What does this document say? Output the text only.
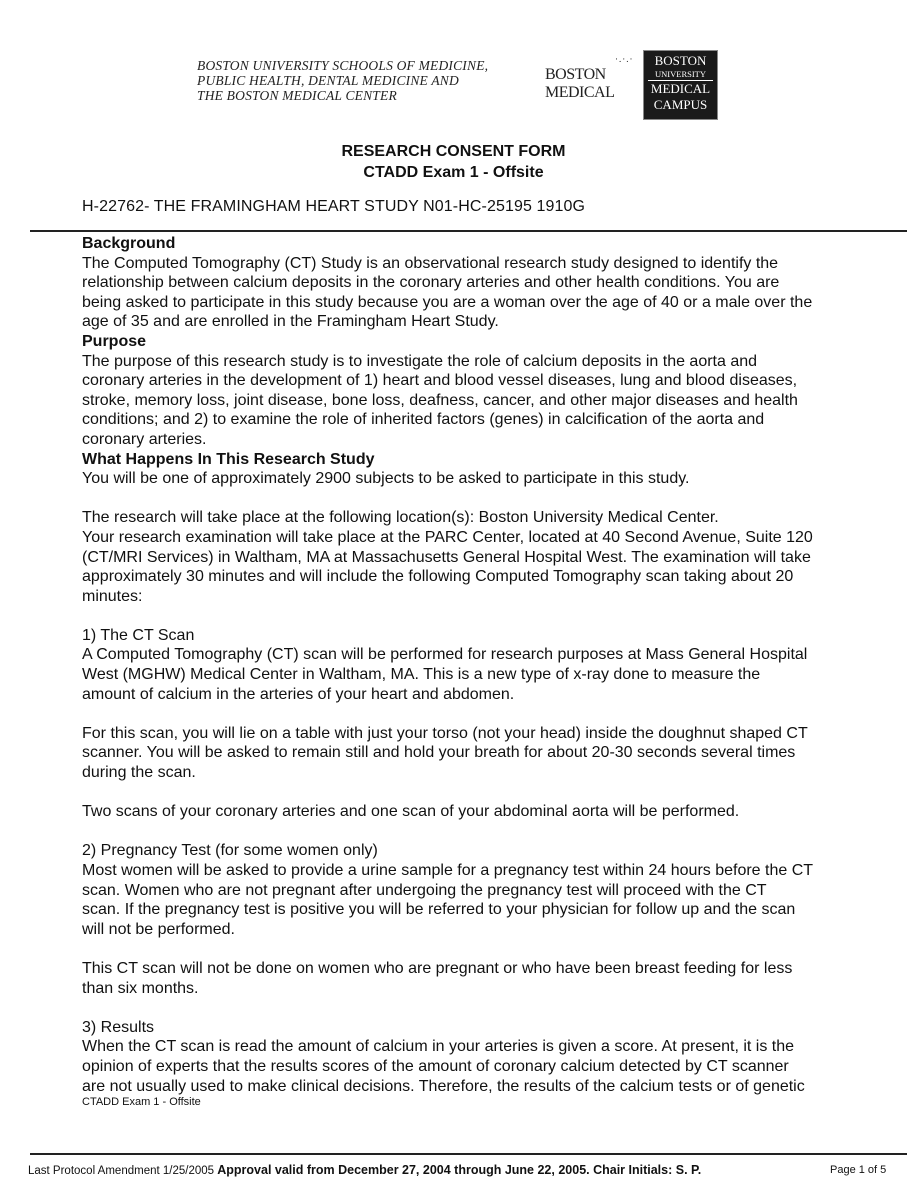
BOSTON UNIVERSITY SCHOOLS OF MEDICINE,
PUBLIC HEALTH, DENTAL MEDICINE AND
THE BOSTON MEDICAL CENTER
·.·.·
BOSTON
MEDICAL
BOSTON
UNIVERSITY
MEDICAL
CAMPUS
RESEARCH CONSENT FORM
CTADD Exam 1 - Offsite
H-22762- THE FRAMINGHAM HEART STUDY N01-HC-25195 1910G
Background
The Computed Tomography (CT) Study is an observational research study designed to identify the
relationship between calcium deposits in the coronary arteries and other health conditions. You are
being asked to participate in this study because you are a woman over the age of 40 or a male over the
age of 35 and are enrolled in the Framingham Heart Study.
Purpose
The purpose of this research study is to investigate the role of calcium deposits in the aorta and
coronary arteries in the development of 1) heart and blood vessel diseases, lung and blood diseases,
stroke, memory loss, joint disease, bone loss, deafness, cancer, and other major diseases and health
conditions; and 2) to examine the role of inherited factors (genes) in calcification of the aorta and
coronary arteries.
What Happens In This Research Study
You will be one of approximately 2900 subjects to be asked to participate in this study.
The research will take place at the following location(s): Boston University Medical Center.
Your research examination will take place at the PARC Center, located at 40 Second Avenue, Suite 120
(CT/MRI Services) in Waltham, MA at Massachusetts General Hospital West. The examination will take
approximately 30 minutes and will include the following Computed Tomography scan taking about 20
minutes:
1) The CT Scan
A Computed Tomography (CT) scan will be performed for research purposes at Mass General Hospital
West (MGHW) Medical Center in Waltham, MA. This is a new type of x-ray done to measure the
amount of calcium in the arteries of your heart and abdomen.
For this scan, you will lie on a table with just your torso (not your head) inside the doughnut shaped CT
scanner. You will be asked to remain still and hold your breath for about 20-30 seconds several times
during the scan.
Two scans of your coronary arteries and one scan of your abdominal aorta will be performed.
2) Pregnancy Test (for some women only)
Most women will be asked to provide a urine sample for a pregnancy test within 24 hours before the CT
scan. Women who are not pregnant after undergoing the pregnancy test will proceed with the CT
scan. If the pregnancy test is positive you will be referred to your physician for follow up and the scan
will not be performed.
This CT scan will not be done on women who are pregnant or who have been breast feeding for less
than six months.
3) Results
When the CT scan is read the amount of calcium in your arteries is given a score. At present, it is the
opinion of experts that the results scores of the amount of coronary calcium detected by CT scanner
are not usually used to make clinical decisions. Therefore, the results of the calcium tests or of genetic
CTADD Exam 1 - Offsite
Last Protocol Amendment 1/25/2005 Approval valid from December 27, 2004 through June 22, 2005. Chair Initials: S. P.	Page 1 of 5
